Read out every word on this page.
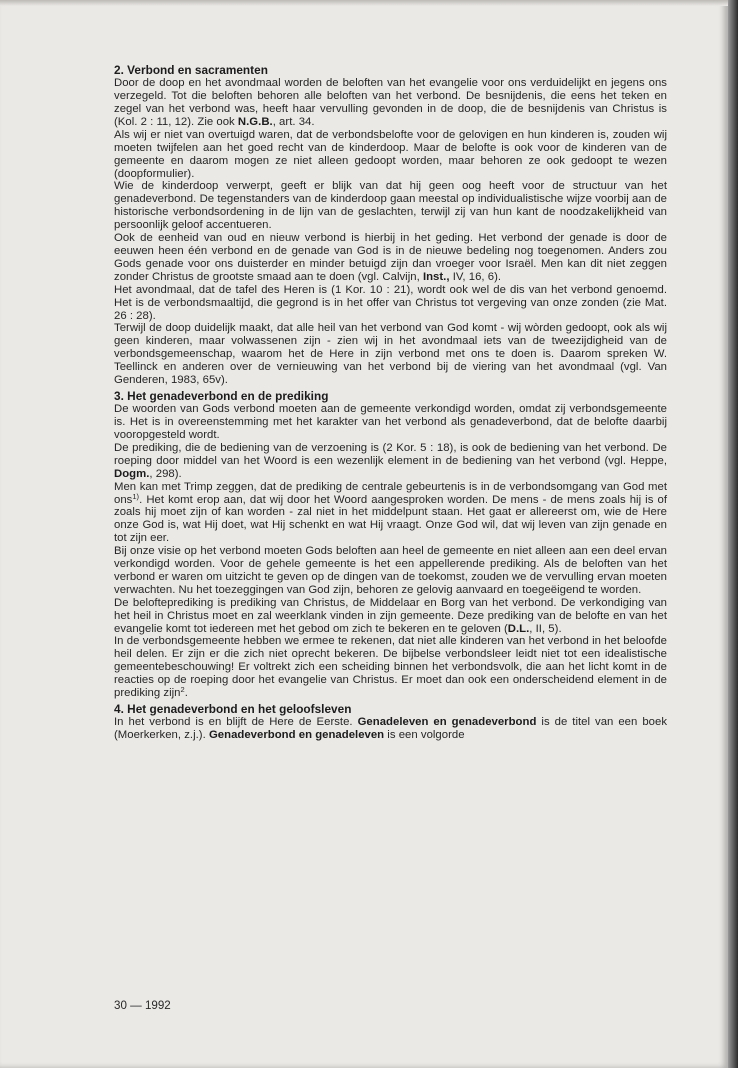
2. Verbond en sacramenten

Door de doop en het avondmaal worden de beloften van het evangelie voor ons verduidelijkt en jegens ons verzegeld. Tot die beloften behoren alle beloften van het verbond. De besnijdenis, die eens het teken en zegel van het verbond was, heeft haar vervulling gevonden in de doop, die de besnijdenis van Christus is (Kol. 2 : 11, 12). Zie ook N.G.B., art. 34.

Als wij er niet van overtuigd waren, dat de verbondsbelofte voor de gelovigen en hun kinderen is, zouden wij moeten twijfelen aan het goed recht van de kinderdoop. Maar de belofte is ook voor de kinderen van de gemeente en daarom mogen ze niet alleen gedoopt worden, maar behoren ze ook gedoopt te wezen (doopformulier).

Wie de kinderdoop verwerpt, geeft er blijk van dat hij geen oog heeft voor de structuur van het genadeverbond. De tegenstanders van de kinderdoop gaan meestal op individualistische wijze voorbij aan de historische verbondsordening in de lijn van de geslachten, terwijl zij van hun kant de noodzakelijkheid van persoonlijk geloof accentueren.

Ook de eenheid van oud en nieuw verbond is hierbij in het geding. Het verbond der genade is door de eeuwen heen één verbond en de genade van God is in de nieuwe bedeling nog toegenomen. Anders zou Gods genade voor ons duisterder en minder betuigd zijn dan vroeger voor Israël. Men kan dit niet zeggen zonder Christus de grootste smaad aan te doen (vgl. Calvijn, Inst., IV, 16, 6).

Het avondmaal, dat de tafel des Heren is (1 Kor. 10 : 21), wordt ook wel de dis van het verbond genoemd. Het is de verbondsmaaltijd, die gegrond is in het offer van Christus tot vergeving van onze zonden (zie Mat. 26 : 28).

Terwijl de doop duidelijk maakt, dat alle heil van het verbond van God komt - wij wòrden gedoopt, ook als wij geen kinderen, maar volwassenen zijn - zien wij in het avondmaal iets van de tweezijdigheid van de verbondsgemeenschap, waarom het de Here in zijn verbond met ons te doen is. Daarom spreken W. Teellinck en anderen over de vernieuwing van het verbond bij de viering van het avondmaal (vgl. Van Genderen, 1983, 65v).

3. Het genadeverbond en de prediking

De woorden van Gods verbond moeten aan de gemeente verkondigd worden, omdat zij verbondsgemeente is. Het is in overeenstemming met het karakter van het verbond als genadeverbond, dat de belofte daarbij vooropgesteld wordt.

De prediking, die de bediening van de verzoening is (2 Kor. 5 : 18), is ook de bediening van het verbond. De roeping door middel van het Woord is een wezenlijk element in de bediening van het verbond (vgl. Heppe, Dogm., 298).

Men kan met Trimp zeggen, dat de prediking de centrale gebeurtenis is in de verbondsomgang van God met ons$^{1)}$. Het komt erop aan, dat wij door het Woord aangesproken worden. De mens - de mens zoals hij is of zoals hij moet zijn of kan worden - zal niet in het middelpunt staan. Het gaat er allereerst om, wie de Here onze God is, wat Hij doet, wat Hij schenkt en wat Hij vraagt. Onze God wil, dat wij leven van zijn genade en tot zijn eer.

Bij onze visie op het verbond moeten Gods beloften aan heel de gemeente en niet alleen aan een deel ervan verkondigd worden. Voor de gehele gemeente is het een appellerende prediking. Als de beloften van het verbond er waren om uitzicht te geven op de dingen van de toekomst, zouden we de vervulling ervan moeten verwachten. Nu het toezeggingen van God zijn, behoren ze gelovig aanvaard en toegeëigend te worden.

De belofteprediking is prediking van Christus, de Middelaar en Borg van het verbond. De verkondiging van het heil in Christus moet en zal weerklank vinden in zijn gemeente. Deze prediking van de belofte en van het evangelie komt tot iedereen met het gebod om zich te bekeren en te geloven (D.L., II, 5).

In de verbondsgemeente hebben we ermee te rekenen, dat niet alle kinderen van het verbond in het beloofde heil delen. Er zijn er die zich niet oprecht bekeren. De bijbelse verbondsleer leidt niet tot een idealistische gemeentebeschouwing! Er voltrekt zich een scheiding binnen het verbondsvolk, die aan het licht komt in de reacties op de roeping door het evangelie van Christus. Er moet dan ook een onderscheidend element in de prediking zijn$^2$.

4. Het genadeverbond en het geloofsleven

In het verbond is en blijft de Here de Eerste. Genadeleven en genadeverbond is de titel van een boek (Moerkerken, z.j.). Genadeverbond en genadeleven is een volgorde

30 — 1992
